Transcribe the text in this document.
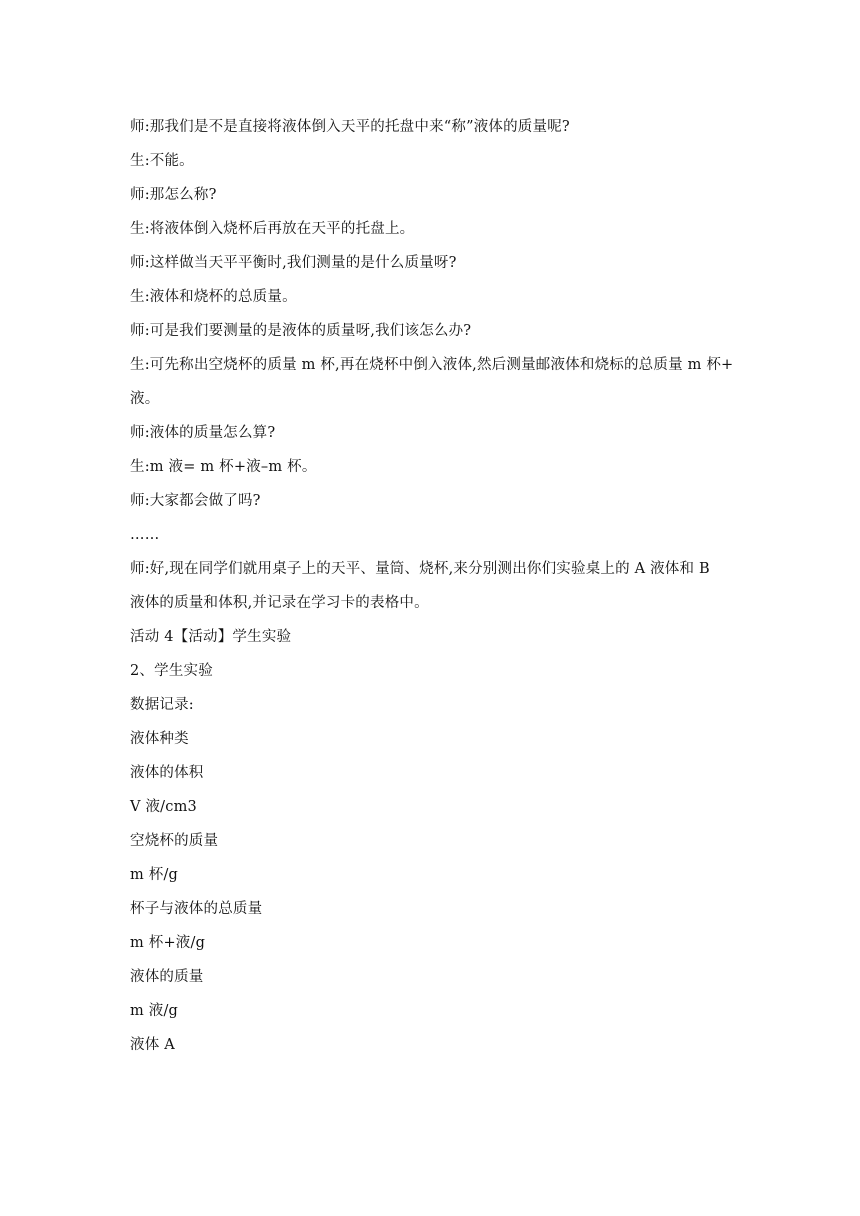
师:那我们是不是直接将液体倒入天平的托盘中来“称”液体的质量呢?
生:不能。
师:那怎么称?
生:将液体倒入烧杯后再放在天平的托盘上。
师:这样做当天平平衡时,我们测量的是什么质量呀?
生:液体和烧杯的总质量。
师:可是我们要测量的是液体的质量呀,我们该怎么办?
生:可先称出空烧杯的质量 m 杯,再在烧杯中倒入液体,然后测量邮液体和烧标的总质量 m 杯+
液。
师:液体的质量怎么算?
生:m 液= m 杯+液–m 杯。
师:大家都会做了吗?
……
师:好,现在同学们就用桌子上的天平、量筒、烧杯,来分别测出你们实验桌上的 A 液体和 B
液体的质量和体积,并记录在学习卡的表格中。
活动 4【活动】学生实验
2、学生实验
数据记录:
液体种类
液体的体积
V 液/cm3
空烧杯的质量
m 杯/g
杯子与液体的总质量
m 杯+液/g
液体的质量
m 液/g
液体 A
